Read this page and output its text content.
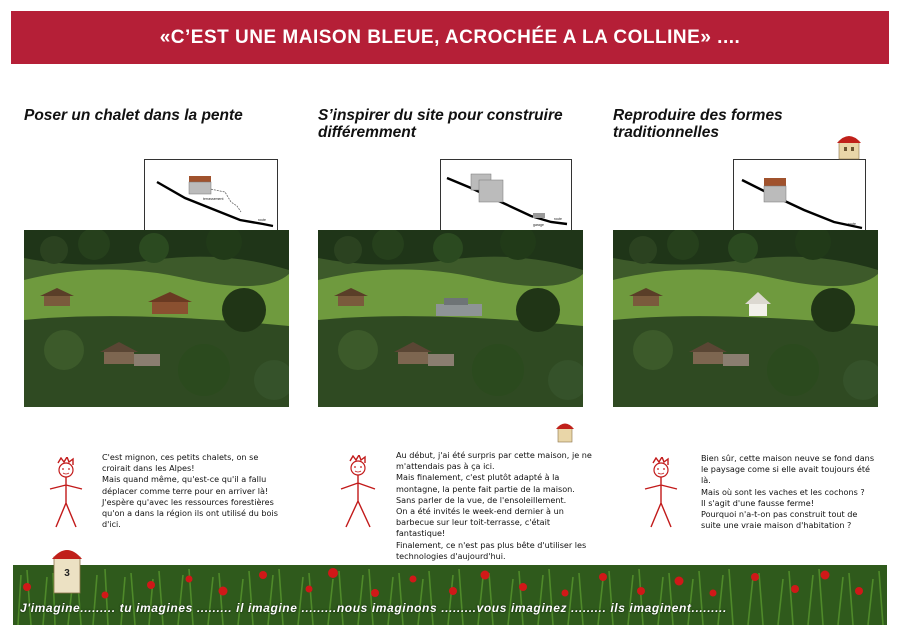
«C’EST UNE MAISON BLEUE, ACROCHÉE A LA COLLINE» ....
Poser un chalet dans la pente	S’inspirer du site pour construire différemment
Reproduire des formes traditionnelles
terrassement
route
garage
route
route

C'est mignon, ces petits chalets, on se croirait dans les Alpes!

Mais quand même, qu'est-ce qu'il a fallu déplacer comme terre pour en arriver là!

J'espère qu'avec les ressources forestières qu'on a dans la région ils ont utilisé du bois d'ici.

Au début, j'ai été surpris par cette maison, je ne m'attendais pas à ça ici.

Mais finalement, c'est plutôt adapté à la montagne, la pente fait partie de la maison.

Sans parler de la vue, de l'ensoleillement.

On a été invités le week-end dernier à un barbecue sur leur toit-terrasse, c'était fantastique!

Finalement, ce n'est pas plus bête d'utiliser les technologies d'aujourd'hui.

Bien sûr, cette maison neuve se fond dans le paysage come si elle avait toujours été là.

Mais où sont les vaches et les cochons ?

Il s'agit d'une fausse ferme!

Pourquoi n'a-t-on pas construit tout de suite une vraie maison d'habitation ?

3
J'imagine......... tu imagines ......... il imagine .........nous imaginons .........vous imaginez ......... ils imaginent.........
